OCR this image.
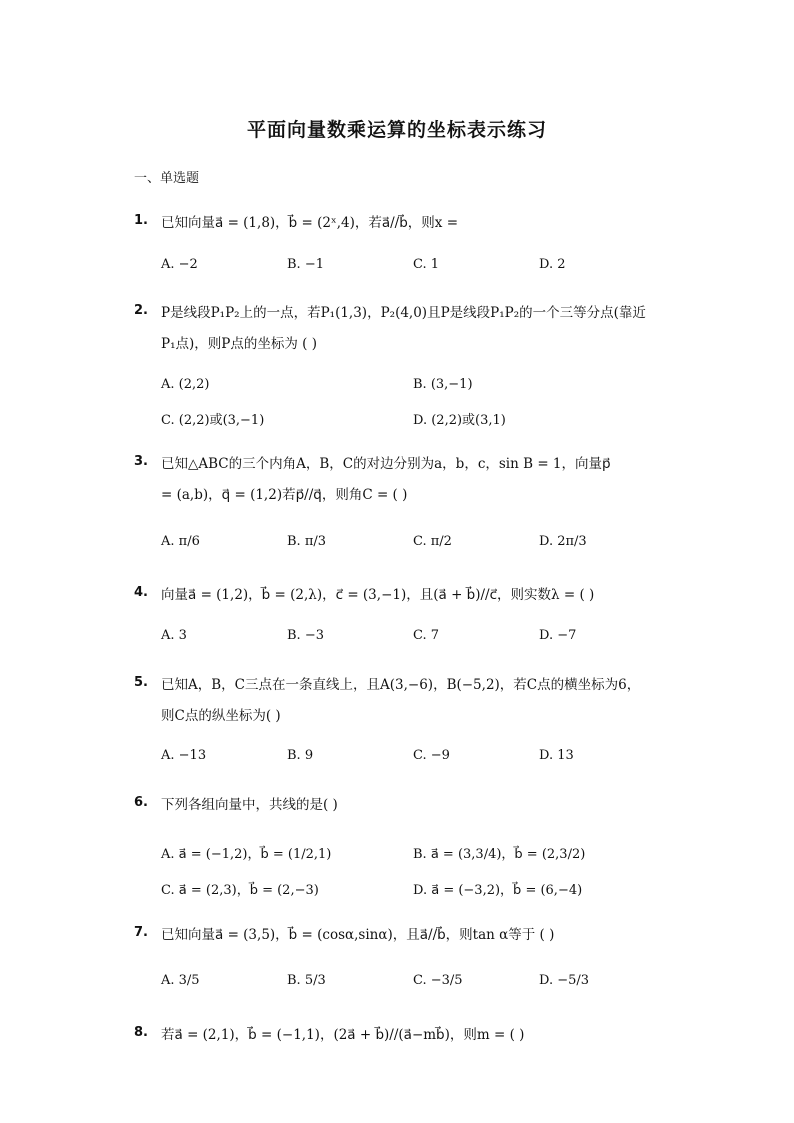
平面向量数乘运算的坐标表示练习
一、单选题
1. 已知向量a⃗ = (1,8)，b⃗ = (2ˣ,4)，若a⃗//b⃗，则x =
A. −2	B. −1	C. 1	D. 2
2. P是线段P₁P₂上的一点，若P₁(1,3)，P₂(4,0)且P是线段P₁P₂的一个三等分点(靠近
P₁点)，则P点的坐标为 ( )
A. (2,2)	B. (3,−1)
C. (2,2)或(3,−1)	D. (2,2)或(3,1)
3. 已知△ABC的三个内角A，B，C的对边分别为a，b，c，sin B = 1，向量p⃗
= (a,b)，q⃗ = (1,2)若p⃗//q⃗，则角C = ( )
A. π/6	B. π/3	C. π/2	D. 2π/3
4. 向量a⃗ = (1,2)，b⃗ = (2,λ)，c⃗ = (3,−1)，且(a⃗ + b⃗)//c⃗，则实数λ = ( )
A. 3	B. −3	C. 7	D. −7
5. 已知A，B，C三点在一条直线上，且A(3,−6)，B(−5,2)，若C点的横坐标为6，
则C点的纵坐标为( )
A. −13	B. 9	C. −9	D. 13
6. 下列各组向量中，共线的是( )
A. a⃗ = (−1,2)，b⃗ = (1/2,1)	B. a⃗ = (3,3/4)，b⃗ = (2,3/2)
C. a⃗ = (2,3)，b⃗ = (2,−3)	D. a⃗ = (−3,2)，b⃗ = (6,−4)
7. 已知向量a⃗ = (3,5)，b⃗ = (cosα,sinα)，且a⃗//b⃗，则tan α等于 ( )
A. 3/5	B. 5/3	C. −3/5	D. −5/3
8. 若a⃗ = (2,1)，b⃗ = (−1,1)，(2a⃗ + b⃗)//(a⃗−mb⃗)，则m = ( )
